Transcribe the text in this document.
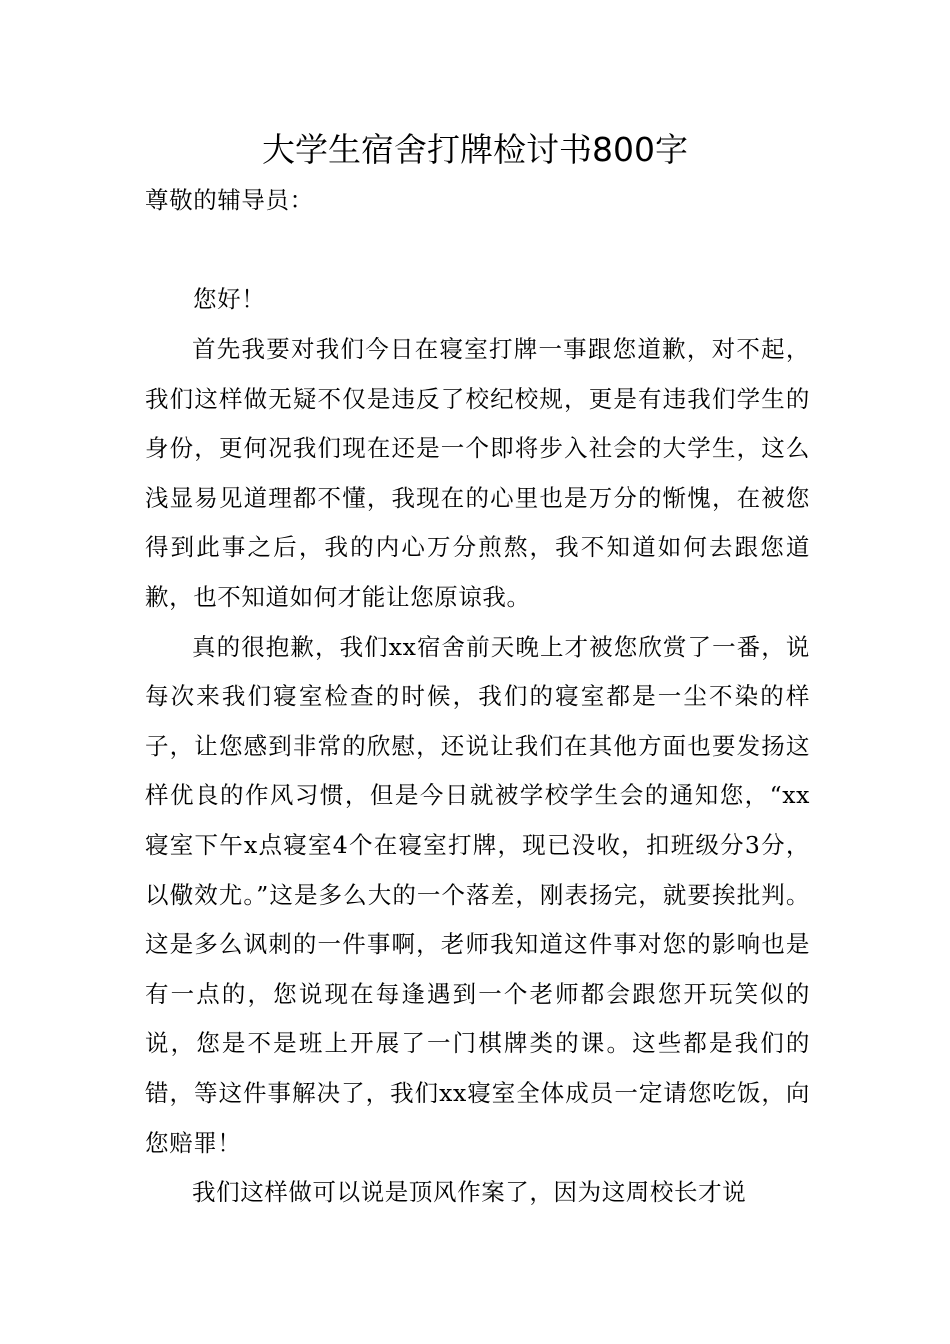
大学生宿舍打牌检讨书800字
尊敬的辅导员：
您好！

首先我要对我们今日在寝室打牌一事跟您道歉，对不起，我们这样做无疑不仅是违反了校纪校规，更是有违我们学生的身份，更何况我们现在还是一个即将步入社会的大学生，这么浅显易见道理都不懂，我现在的心里也是万分的惭愧，在被您得到此事之后，我的内心万分煎熬，我不知道如何去跟您道歉，也不知道如何才能让您原谅我。

真的很抱歉，我们xx宿舍前天晚上才被您欣赏了一番，说每次来我们寝室检查的时候，我们的寝室都是一尘不染的样子，让您感到非常的欣慰，还说让我们在其他方面也要发扬这样优良的作风习惯，但是今日就被学校学生会的通知您，“xx寝室下午x点寝室4个在寝室打牌，现已没收，扣班级分3分，以儆效尤。”这是多么大的一个落差，刚表扬完，就要挨批判。这是多么讽刺的一件事啊，老师我知道这件事对您的影响也是有一点的，您说现在每逢遇到一个老师都会跟您开玩笑似的说，您是不是班上开展了一门棋牌类的课。这些都是我们的错，等这件事解决了，我们xx寝室全体成员一定请您吃饭，向您赔罪！

我们这样做可以说是顶风作案了，因为这周校长才说
